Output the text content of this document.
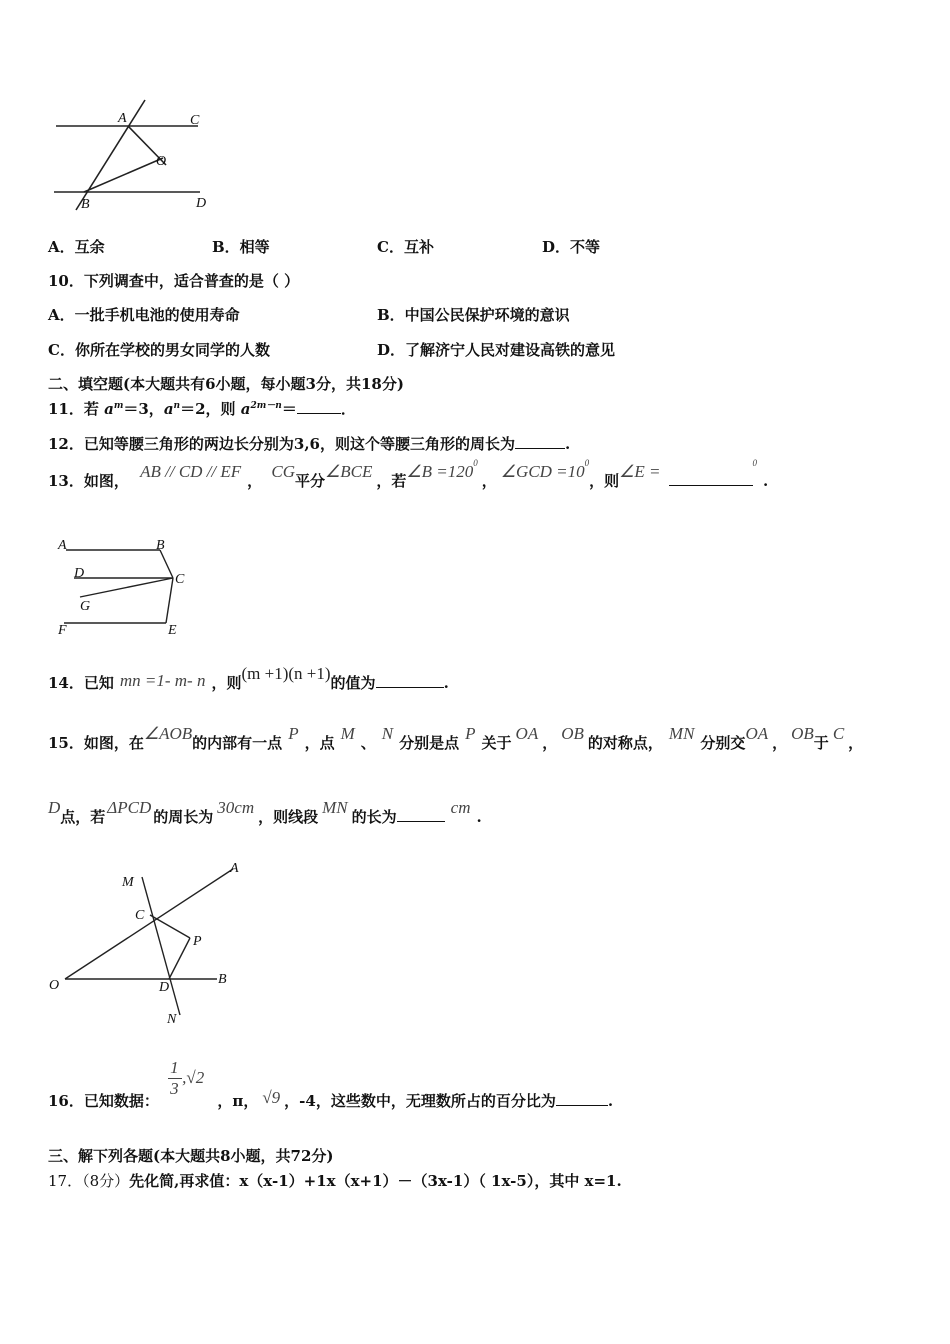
A	C
O
B	D
A．互余	B．相等	C．互补	D．不等
10．下列调查中，适合普查的是（ ）
A．一批手机电池的使用寿命	B．中国公民保护环境的意识
C．你所在学校的男女同学的人数	D．了解济宁人民对建设高铁的意见
二、填空题(本大题共有6小题，每小题3分，共18分)
11．若 $a^m=3$，$a^n=2$，则 $a^{2m-n}=$	．
12．已知等腰三角形的两边长分别为3,6，则这个等腰三角形的周长为	.
13．如图， AB // CD // EF ， CG平分∠BCE ，若∠B $=120^0$， ∠GCD $=10^0$，则∠E =	$^0$.
A	B
D	C
G
F	E
14．已知 mn =1- m- n ，则(m +1)(n +1)的值为	.
15．如图，在∠AOB的内部有一点 P ，点 M 、 N 分别是点 P 关于 OA ， OB 的对称点， MN 分别交OA ， OB于 C ，
D点，若 ΔPCD 的周长为 30cm ，则线段 MN 的长为	cm .
M
A
C
P
O	D
B
N
16．已知数据：
1
3
,√2
，π， √9 ，-4，这些数中，无理数所占的百分比为	.
三、解下列各题(本大题共8小题，共72分)
17．（8分）先化简,再求值：x（x-1）+1x（x+1）－（3x-1）（ 1x-5），其中 x=1.
